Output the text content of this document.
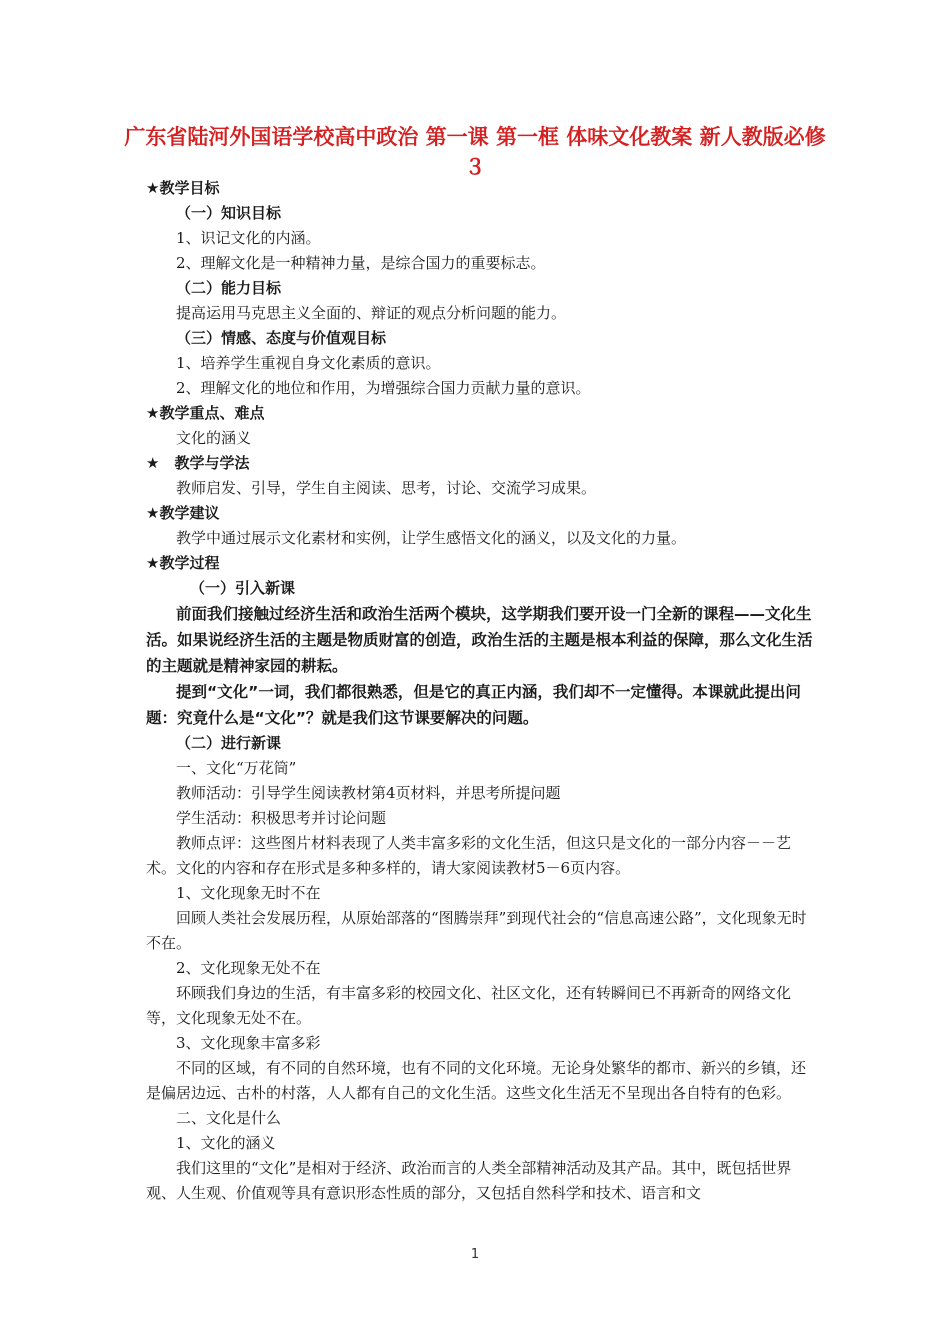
广东省陆河外国语学校高中政治 第一课 第一框 体味文化教案 新人教版必修３

★教学目标

（一）知识目标

1、识记文化的内涵。

2、理解文化是一种精神力量，是综合国力的重要标志。

（二）能力目标

提高运用马克思主义全面的、辩证的观点分析问题的能力。

（三）情感、态度与价值观目标

1、培养学生重视自身文化素质的意识。

2、理解文化的地位和作用，为增强综合国力贡献力量的意识。

★教学重点、难点

文化的涵义

★　教学与学法

教师启发、引导，学生自主阅读、思考，讨论、交流学习成果。

★教学建议

教学中通过展示文化素材和实例，让学生感悟文化的涵义，以及文化的力量。

★教学过程

（一）引入新课

前面我们接触过经济生活和政治生活两个模块，这学期我们要开设一门全新的课程——文化生活。如果说经济生活的主题是物质财富的创造，政治生活的主题是根本利益的保障，那么文化生活的主题就是精神家园的耕耘。

提到“文化”一词，我们都很熟悉，但是它的真正内涵，我们却不一定懂得。本课就此提出问题：究竟什么是“文化”？就是我们这节课要解决的问题。

（二）进行新课

一、文化“万花筒”

教师活动：引导学生阅读教材第4页材料，并思考所提问题

学生活动：积极思考并讨论问题

教师点评：这些图片材料表现了人类丰富多彩的文化生活，但这只是文化的一部分内容－－艺术。文化的内容和存在形式是多种多样的，请大家阅读教材5－6页内容。

1、文化现象无时不在

回顾人类社会发展历程，从原始部落的“图腾崇拜”到现代社会的“信息高速公路”，文化现象无时不在。

2、文化现象无处不在

环顾我们身边的生活，有丰富多彩的校园文化、社区文化，还有转瞬间已不再新奇的网络文化等，文化现象无处不在。

3、文化现象丰富多彩

不同的区域，有不同的自然环境，也有不同的文化环境。无论身处繁华的都市、新兴的乡镇，还是偏居边远、古朴的村落，人人都有自己的文化生活。这些文化生活无不呈现出各自特有的色彩。

二、文化是什么

1、文化的涵义

我们这里的“文化”是相对于经济、政治而言的人类全部精神活动及其产品。其中，既包括世界观、人生观、价值观等具有意识形态性质的部分，又包括自然科学和技术、语言和文

1
